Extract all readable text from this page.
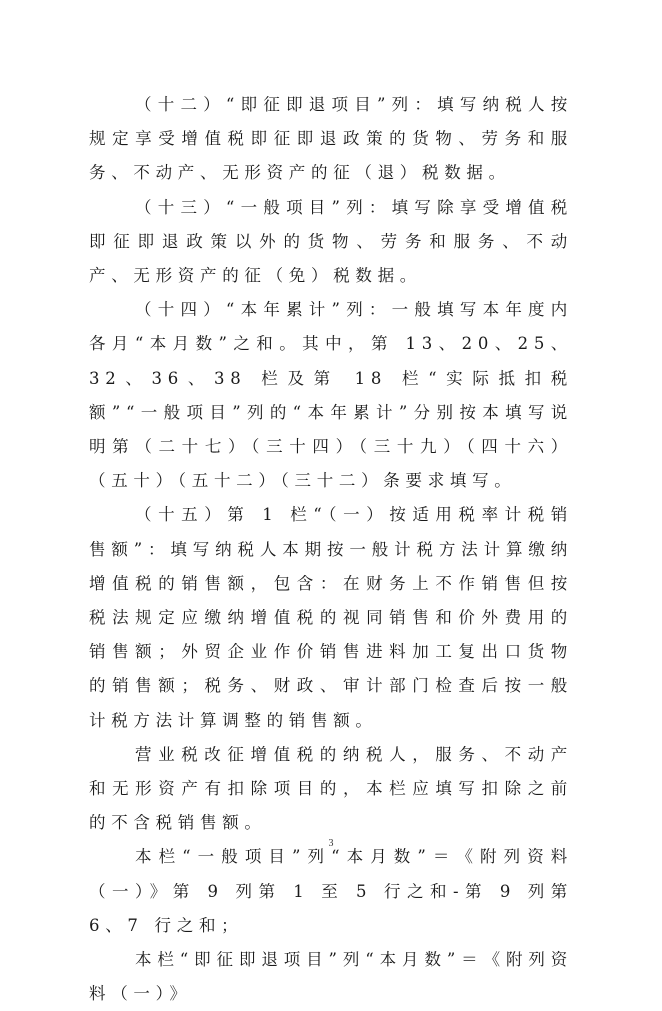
（十二）“即征即退项目”列：填写纳税人按规定享受增值税即征即退政策的货物、劳务和服务、不动产、无形资产的征（退）税数据。

（十三）“一般项目”列：填写除享受增值税即征即退政策以外的货物、劳务和服务、不动产、无形资产的征（免）税数据。

（十四）“本年累计”列：一般填写本年度内各月“本月数”之和。其中，第 13、20、25、32、36、38 栏及第 18 栏“实际抵扣税额”“一般项目”列的“本年累计”分别按本填写说明第（二十七）（三十四）（三十九）（四十六）（五十）（五十二）（三十二）条要求填写。

（十五）第 1 栏“（一）按适用税率计税销售额”：填写纳税人本期按一般计税方法计算缴纳增值税的销售额，包含：在财务上不作销售但按税法规定应缴纳增值税的视同销售和价外费用的销售额；外贸企业作价销售进料加工复出口货物的销售额；税务、财政、审计部门检查后按一般计税方法计算调整的销售额。

营业税改征增值税的纳税人，服务、不动产和无形资产有扣除项目的，本栏应填写扣除之前的不含税销售额。

本栏“一般项目”列“本月数”＝《附列资料（一）》第 9 列第 1 至 5 行之和-第 9 列第 6、7 行之和；

本栏“即征即退项目”列“本月数”＝《附列资料（一）》

3
